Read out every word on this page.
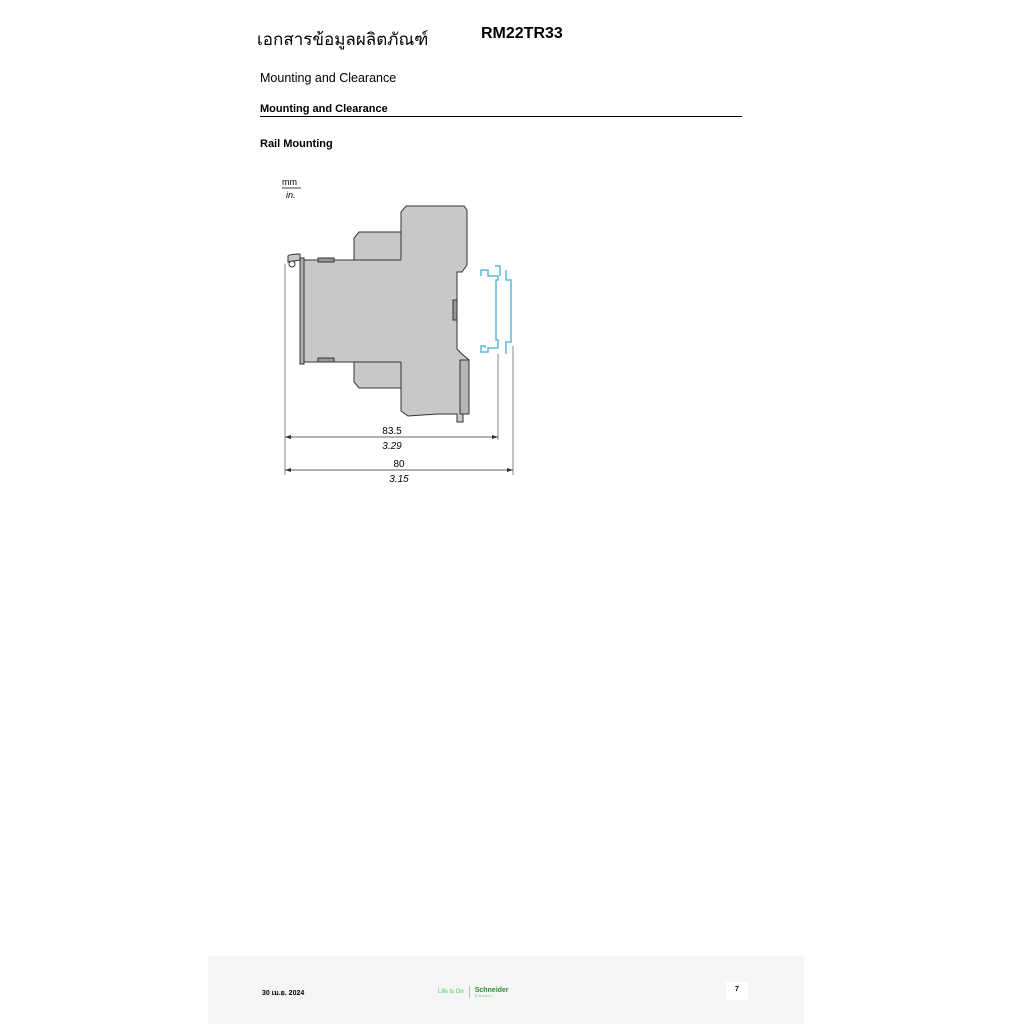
เอกสารข้อมูลผลิตภัณฑ์	RM22TR33
Mounting and Clearance
Mounting and Clearance
Rail Mounting
mm
in.
83.5
3.29
80
3.15
30 เม.ย. 2024	Life Is On Schneider
Electric
7
